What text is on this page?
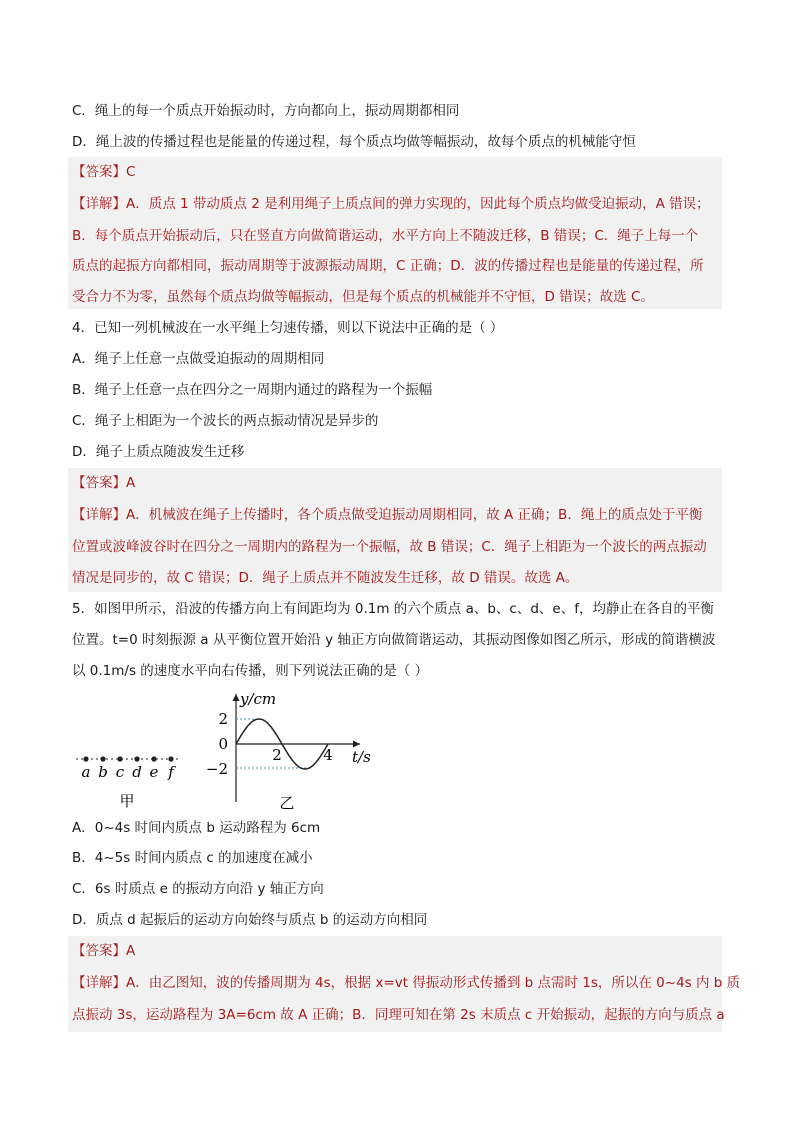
C．绳上的每一个质点开始振动时，方向都向上，振动周期都相同
D．绳上波的传播过程也是能量的传递过程，每个质点均做等幅振动，故每个质点的机械能守恒
【答案】C
【详解】A．质点 1 带动质点 2 是利用绳子上质点间的弹力实现的，因此每个质点均做受迫振动，A 错误；
B．每个质点开始振动后，只在竖直方向做简谐运动，水平方向上不随波迁移，B 错误；C．绳子上每一个
质点的起振方向都相同，振动周期等于波源振动周期，C 正确；D．波的传播过程也是能量的传递过程，所
受合力不为零，虽然每个质点均做等幅振动，但是每个质点的机械能并不守恒，D 错误；故选 C。
4．已知一列机械波在一水平绳上匀速传播，则以下说法中正确的是（ ）
A．绳子上任意一点做受迫振动的周期相同
B．绳子上任意一点在四分之一周期内通过的路程为一个振幅
C．绳子上相距为一个波长的两点振动情况是异步的
D．绳子上质点随波发生迁移
【答案】A
【详解】A．机械波在绳子上传播时，各个质点做受迫振动周期相同，故 A 正确；B．绳上的质点处于平衡
位置或波峰波谷时在四分之一周期内的路程为一个振幅，故 B 错误；C．绳子上相距为一个波长的两点振动
情况是同步的，故 C 错误；D．绳子上质点并不随波发生迁移，故 D 错误。故选 A。
5．如图甲所示，沿波的传播方向上有间距均为 0.1m 的六个质点 a、b、c、d、e、f，均静止在各自的平衡
位置。t=0 时刻振源 a 从平衡位置开始沿 y 轴正方向做简谐运动，其振动图像如图乙所示，形成的简谐横波
以 0.1m/s 的速度水平向右传播，则下列说法正确的是（ ）
a b c d e f
甲
y/cm
t/s
2
0
−2
2	4
乙
A．0~4s 时间内质点 b 运动路程为 6cm
B．4~5s 时间内质点 c 的加速度在减小
C．6s 时质点 e 的振动方向沿 y 轴正方向
D．质点 d 起振后的运动方向始终与质点 b 的运动方向相同
【答案】A
【详解】A．由乙图知，波的传播周期为 4s，根据 x=vt 得振动形式传播到 b 点需时 1s，所以在 0~4s 内 b 质
点振动 3s，运动路程为 3A=6cm 故 A 正确；B．同理可知在第 2s 末质点 c 开始振动，起振的方向与质点 a
